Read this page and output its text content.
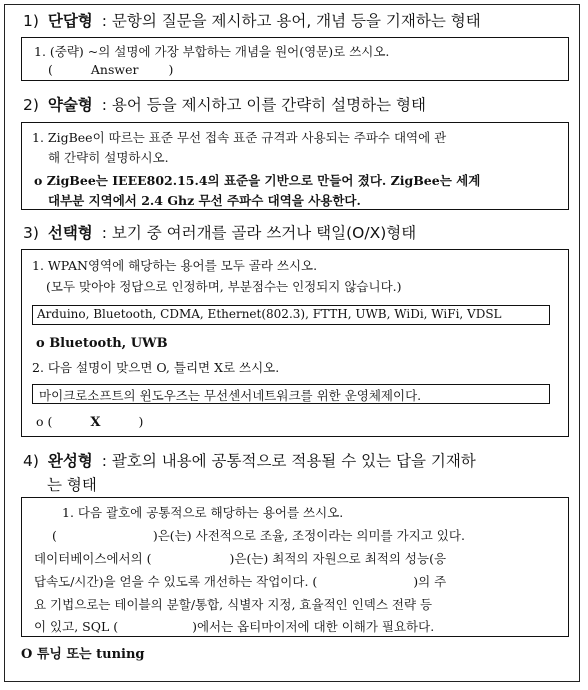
1) 단답형 : 문항의 질문을 제시하고 용어, 개념 등을 기재하는 형태
1. (중략) ~의 설명에 가장 부합하는 개념을 원어(영문)로 쓰시오.
(	Answer )
2) 약술형 : 용어 등을 제시하고 이를 간략히 설명하는 형태
1. ZigBee이 따르는 표준 무선 접속 표준 규격과 사용되는 주파수 대역에 관
해 간략히 설명하시오.
o ZigBee는 IEEE802.15.4의 표준을 기반으로 만들어 졌다. ZigBee는 세계
대부분 지역에서 2.4 Ghz 무선 주파수 대역을 사용한다.
3) 선택형 : 보기 중 여러개를 골라 쓰거나 택일(O/X)형태
1. WPAN영역에 해당하는 용어를 모두 골라 쓰시오.
(모두 맞아야 정답으로 인정하며, 부분점수는 인정되지 않습니다.)
Arduino, Bluetooth, CDMA, Ethernet(802.3), FTTH, UWB, WiDi, WiFi, VDSL
o Bluetooth, UWB
2. 다음 설명이 맞으면 O, 틀리면 X로 쓰시오.
마이크로소프트의 윈도우즈는 무선센서네트워크를 위한 운영체제이다.
o (	X	)
4) 완성형 : 괄호의 내용에 공통적으로 적용될 수 있는 답을 기재하
는 형태
1. 다음 괄호에 공통적으로 해당하는 용어를 쓰시오.
(	)은(는) 사전적으로 조율, 조정이라는 의미를 가지고 있다.
데이터베이스에서의 (	)은(는) 최적의 자원으로 최적의 성능(응
답속도/시간)을 얻을 수 있도록 개선하는 작업이다. (	)의 주
요 기법으로는 테이블의 분할/통합, 식별자 지정, 효율적인 인덱스 전략 등
이 있고, SQL (	)에서는 옵티마이저에 대한 이해가 필요하다.
O 튜닝 또는 tuning
